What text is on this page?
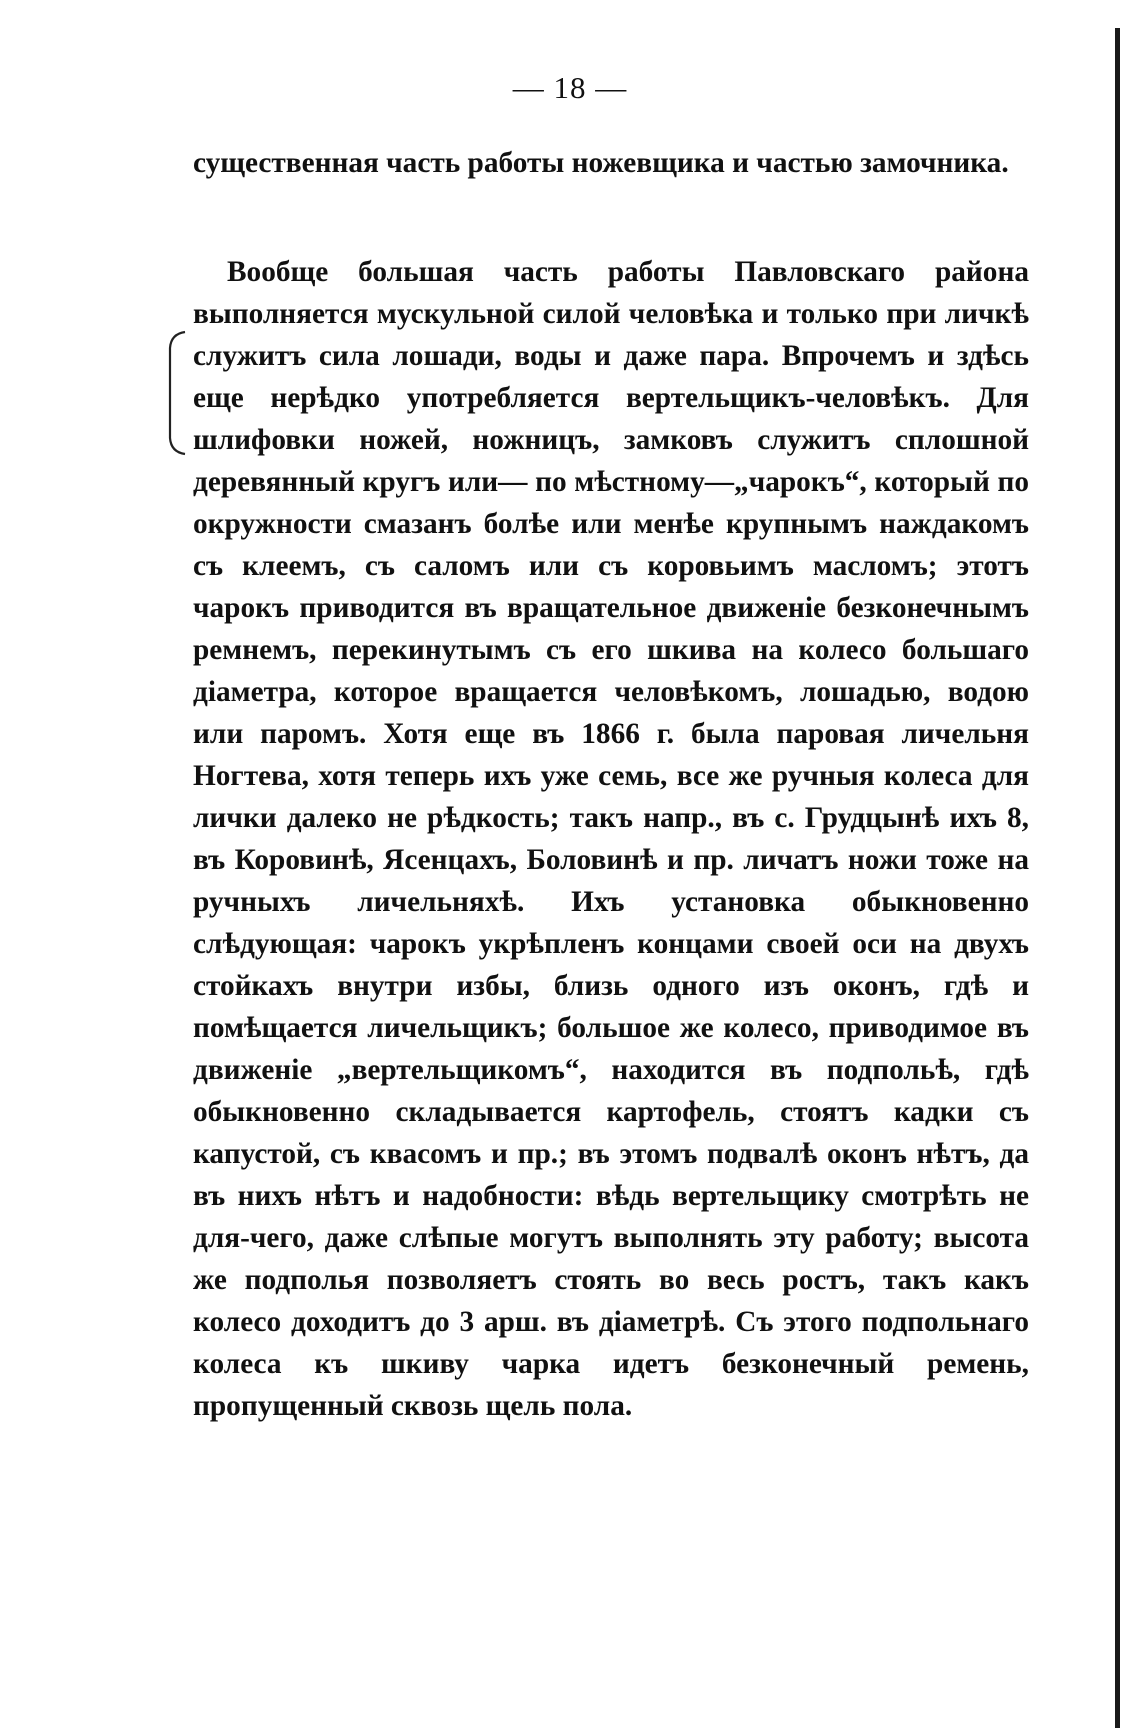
— 18 —

существенная часть работы ножевщика и частью замочника.

Вообще большая часть работы Павловскаго района выполняется мускульной силой человѣка и только при личкѣ служитъ сила лошади, воды и даже пара. Впрочемъ и здѣсь еще нерѣдко употребляется вертельщикъ-человѣкъ. Для шлифовки ножей, ножницъ, замковъ служитъ сплошной деревянный кругъ или— по мѣстному—„чарокъ“, который по окружности смазанъ болѣе или менѣе крупнымъ наждакомъ съ клеемъ, съ саломъ или съ коровьимъ масломъ; этотъ чарокъ приводится въ вращательное движеніе безконечнымъ ремнемъ, перекинутымъ съ его шкива на колесо большаго діаметра, которое вращается человѣкомъ, лошадью, водою или паромъ. Хотя еще въ 1866 г. была паровая личельня Ногтева, хотя теперь ихъ уже семь, все же ручныя колеса для лички далеко не рѣдкость; такъ напр., въ с. Грудцынѣ ихъ 8, въ Коровинѣ, Ясенцахъ, Боловинѣ и пр. личатъ ножи тоже на ручныхъ личельняхѣ. Ихъ установка обыкновенно слѣдующая: чарокъ укрѣпленъ концами своей оси на двухъ стойкахъ внутри избы, близь одного изъ оконъ, гдѣ и помѣщается личельщикъ; большое же колесо, приводимое въ движеніе „вертельщикомъ“, находится въ подпольѣ, гдѣ обыкновенно складывается картофель, стоятъ кадки съ капустой, съ квасомъ и пр.; въ этомъ подвалѣ оконъ нѣтъ, да въ нихъ нѣтъ и надобности: вѣдь вертельщику смотрѣть не для-чего, даже слѣпые могутъ выполнять эту работу; высота же подполья позволяетъ стоять во весь ростъ, такъ какъ колесо доходитъ до 3 арш. въ діаметрѣ. Съ этого подпольнаго колеса къ шкиву чарка идетъ безконечный ремень, пропущенный сквозь щель пола.
